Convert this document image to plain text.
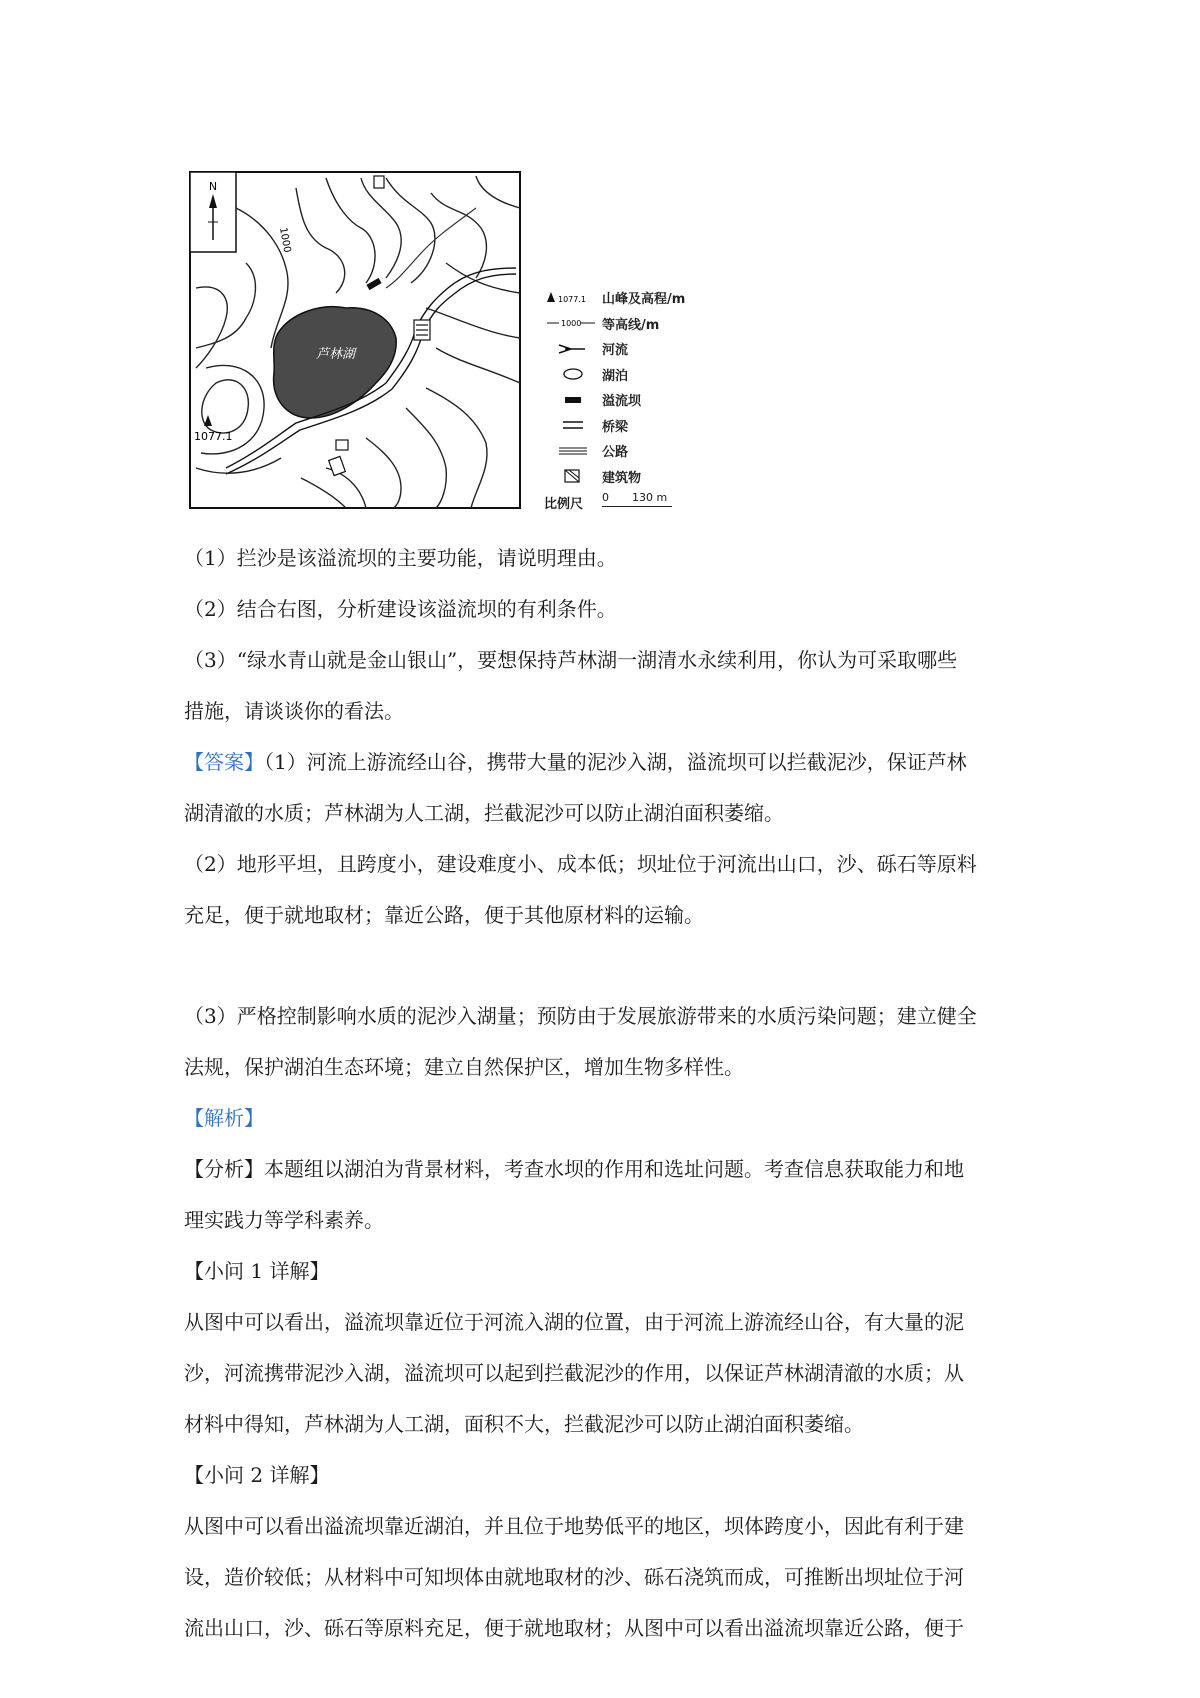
N
芦林湖
1000
1077.1
1077.1 山峰及高程/m
1000 等高线/m
河流
湖泊
溢流坝
桥梁
公路
建筑物
比例尺	0 130 m

（1）拦沙是该溢流坝的主要功能，请说明理由。

（2）结合右图，分析建设该溢流坝的有利条件。

（3）“绿水青山就是金山银山”，要想保持芦林湖一湖清水永续利用，你认为可采取哪些

措施，请谈谈你的看法。

【答案】（1）河流上游流经山谷，携带大量的泥沙入湖，溢流坝可以拦截泥沙，保证芦林

湖清澈的水质；芦林湖为人工湖，拦截泥沙可以防止湖泊面积萎缩。

（2）地形平坦，且跨度小，建设难度小、成本低；坝址位于河流出山口，沙、砾石等原料

充足，便于就地取材；靠近公路，便于其他原材料的运输。

（3）严格控制影响水质的泥沙入湖量；预防由于发展旅游带来的水质污染问题；建立健全

法规，保护湖泊生态环境；建立自然保护区，增加生物多样性。

【解析】

【分析】本题组以湖泊为背景材料，考查水坝的作用和选址问题。考查信息获取能力和地

理实践力等学科素养。

【小问 1 详解】

从图中可以看出，溢流坝靠近位于河流入湖的位置，由于河流上游流经山谷，有大量的泥

沙，河流携带泥沙入湖，溢流坝可以起到拦截泥沙的作用，以保证芦林湖清澈的水质；从

材料中得知，芦林湖为人工湖，面积不大，拦截泥沙可以防止湖泊面积萎缩。

【小问 2 详解】

从图中可以看出溢流坝靠近湖泊，并且位于地势低平的地区，坝体跨度小，因此有利于建

设，造价较低；从材料中可知坝体由就地取材的沙、砾石浇筑而成，可推断出坝址位于河

流出山口，沙、砾石等原料充足，便于就地取材；从图中可以看出溢流坝靠近公路，便于
